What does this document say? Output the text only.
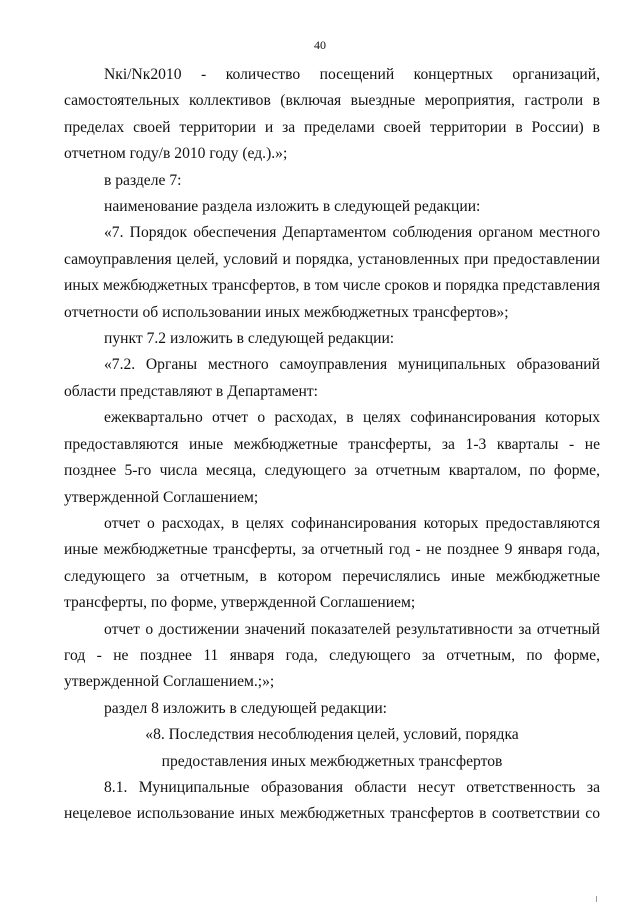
40

Nкi/Nк2010 - количество посещений концертных организаций, самостоятельных коллективов (включая выездные мероприятия, гастроли в пределах своей территории и за пределами своей территории в России) в отчетном году/в 2010 году (ед.).»;

в разделе 7:

наименование раздела изложить в следующей редакции:

«7. Порядок обеспечения Департаментом соблюдения органом местного самоуправления целей, условий и порядка, установленных при предоставлении иных межбюджетных трансфертов, в том числе сроков и порядка представления отчетности об использовании иных межбюджетных трансфертов»;

пункт 7.2 изложить в следующей редакции:

«7.2. Органы местного самоуправления муниципальных образований области представляют в Департамент:

ежеквартально отчет о расходах, в целях софинансирования которых предоставляются иные межбюджетные трансферты, за 1-3 кварталы - не позднее 5-го числа месяца, следующего за отчетным кварталом, по форме, утвержденной Соглашением;

отчет о расходах, в целях софинансирования которых предоставляются иные межбюджетные трансферты, за отчетный год - не позднее 9 января года, следующего за отчетным, в котором перечислялись иные межбюджетные трансферты, по форме, утвержденной Соглашением;

отчет о достижении значений показателей результативности за отчетный год - не позднее 11 января года, следующего за отчетным, по форме, утвержденной Соглашением.;»;

раздел 8 изложить в следующей редакции:

«8. Последствия несоблюдения целей, условий, порядка
предоставления иных межбюджетных трансфертов

8.1. Муниципальные образования области несут ответственность за нецелевое использование иных межбюджетных трансфертов в соответствии со
